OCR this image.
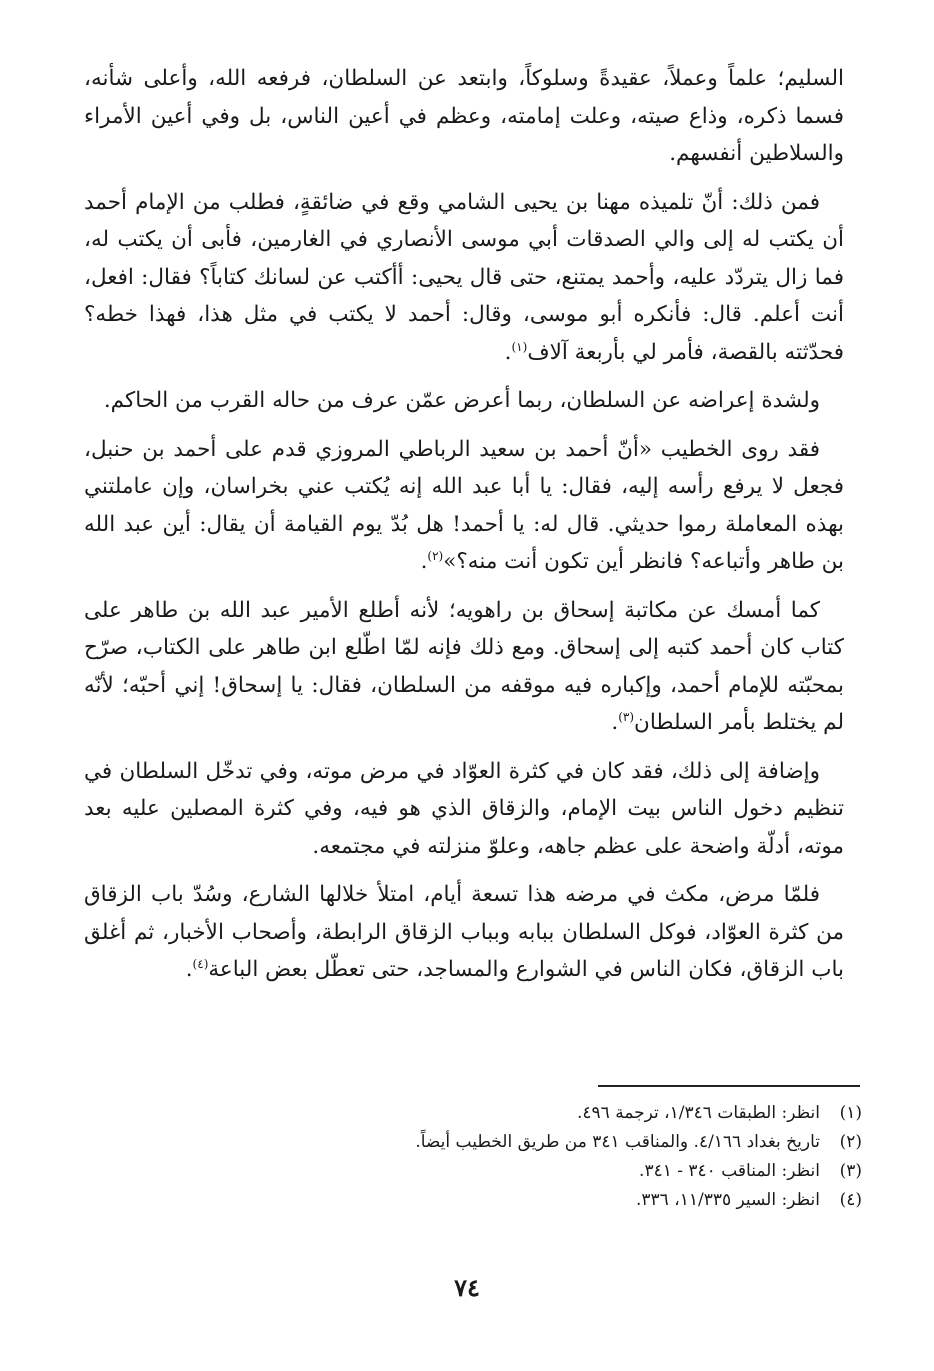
السليم؛ علماً وعملاً، عقيدةً وسلوكاً، وابتعد عن السلطان، فرفعه الله، وأعلى شأنه، فسما ذكره، وذاع صيته، وعلت إمامته، وعظم في أعين الناس، بل وفي أعين الأمراء والسلاطين أنفسهم.

فمن ذلك: أنّ تلميذه مهنا بن يحيى الشامي وقع في ضائقةٍ، فطلب من الإمام أحمد أن يكتب له إلى والي الصدقات أبي موسى الأنصاري في الغارمين، فأبى أن يكتب له، فما زال يتردّد عليه، وأحمد يمتنع، حتى قال يحيى: أأكتب عن لسانك كتاباً؟ فقال: افعل، أنت أعلم. قال: فأنكره أبو موسى، وقال: أحمد لا يكتب في مثل هذا، فهذا خطه؟ فحدّثته بالقصة، فأمر لي بأربعة آلاف$^{(١)}$.

ولشدة إعراضه عن السلطان، ربما أعرض عمّن عرف من حاله القرب من الحاكم.

فقد روى الخطيب «أنّ أحمد بن سعيد الرباطي المروزي قدم على أحمد بن حنبل، فجعل لا يرفع رأسه إليه، فقال: يا أبا عبد الله إنه يُكتب عني بخراسان، وإن عاملتني بهذه المعاملة رموا حديثي. قال له: يا أحمد! هل بُدّ يوم القيامة أن يقال: أين عبد الله بن طاهر وأتباعه؟ فانظر أين تكون أنت منه؟»$^{(٢)}$.

كما أمسك عن مكاتبة إسحاق بن راهويه؛ لأنه أطلع الأمير عبد الله بن طاهر على كتاب كان أحمد كتبه إلى إسحاق. ومع ذلك فإنه لمّا اطّلع ابن طاهر على الكتاب، صرّح بمحبّته للإمام أحمد، وإكباره فيه موقفه من السلطان، فقال: يا إسحاق! إني أحبّه؛ لأنّه لم يختلط بأمر السلطان$^{(٣)}$.

وإضافة إلى ذلك، فقد كان في كثرة العوّاد في مرض موته، وفي تدخّل السلطان في تنظيم دخول الناس بيت الإمام، والزقاق الذي هو فيه، وفي كثرة المصلين عليه بعد موته، أدلّة واضحة على عظم جاهه، وعلوّ منزلته في مجتمعه.

فلمّا مرض، مكث في مرضه هذا تسعة أيام، امتلأ خلالها الشارع، وسُدّ باب الزقاق من كثرة العوّاد، فوكل السلطان ببابه وبباب الزقاق الرابطة، وأصحاب الأخبار، ثم أغلق باب الزقاق، فكان الناس في الشوارع والمساجد، حتى تعطّل بعض الباعة$^{(٤)}$.

(١)
انظر: الطبقات ١/٣٤٦، ترجمة ٤٩٦.
(٢)
تاريخ بغداد ٤/١٦٦. والمناقب ٣٤١ من طريق الخطيب أيضاً.
(٣)
انظر: المناقب ٣٤٠ - ٣٤١.
(٤)
انظر: السير ١١/٣٣٥، ٣٣٦.
٧٤
